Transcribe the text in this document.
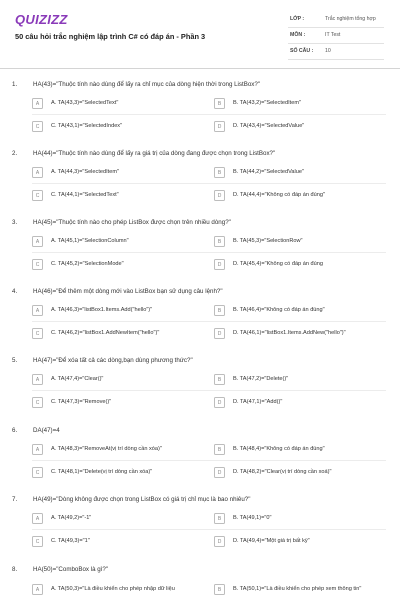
QUIZIZZ
50 câu hỏi trắc nghiệm lập trình C# có đáp án - Phần 3
LỚP :	Trắc nghiệm tổng hợp
MÔN :	IT Test
SỐ CÂU : 10
1.	HA(43)="Thuộc tính nào dùng để lấy ra chỉ mục của dòng hiện thời trong ListBox?"
A	A. TA(43,3)="SelectedText"	B	B. TA(43,2)="SelectedItem"
C	C. TA(43,1)="SelectedIndex"	D	D. TA(43,4)="SelectedValue"
2.	HA(44)="Thuộc tính nào dùng để lấy ra giá trị của dòng đang được chọn trong ListBox?"
A	A. TA(44,3)="SelectedItem"	B	B. TA(44,2)="SelectedValue"
C	C. TA(44,1)="SelectedText"	D	D. TA(44,4)="Không có đáp án đúng"
3.	HA(45)="Thuộc tính nào cho phép ListBox được chọn trên nhiều dòng?"
A	A. TA(45,1)="SelectionColumn"	B	B. TA(45,3)="SelectionRow"
C	C. TA(45,2)="SelectionMode"	D	D. TA(45,4)="Không có đáp án đúng
4.	HA(46)="Để thêm một dòng mới vào ListBox bạn sử dụng câu lệnh?"
A	A. TA(46,3)="listBox1.Items.Add("hello")"	B	B. TA(46,4)="Không có đáp án đúng"
C	C. TA(46,2)="listBox1.AddNewItem("hello")"	D	D. TA(46,1)="listBox1.Items.AddNew("hello")"
5.	HA(47)="Để xóa tất cả các dòng,bạn dùng phương thức?"
A	A. TA(47,4)="Clear()"	B	B. TA(47,2)="Delete()"
C	C. TA(47,3)="Remove()"	D	D. TA(47,1)="Add()"
6.	DA(47)=4
A	A. TA(48,3)="RemoveAt(vị trí dòng cần xóa)"	B	B. TA(48,4)="Không có đáp án đúng"
C	C. TA(48,1)="Delete(vị trí dòng cần xóa)"	D	D. TA(48,2)="Clear(vị trí dòng cần xoá)"
7.	HA(49)="Dòng không được chọn trong ListBox có giá trị chỉ mục là bao nhiêu?"
A	A. TA(49,2)="-1"	B	B. TA(49,1)="0"
C	C. TA(49,3)="1"	D	D. TA(49,4)="Một giá trị bất kỳ"
8.	HA(50)="ComboBox là gì?"
A	A. TA(50,3)="Là điều khiển cho phép nhập dữ liệu	B	B. TA(50,1)="Là điều khiển cho phép xem thông tin"
